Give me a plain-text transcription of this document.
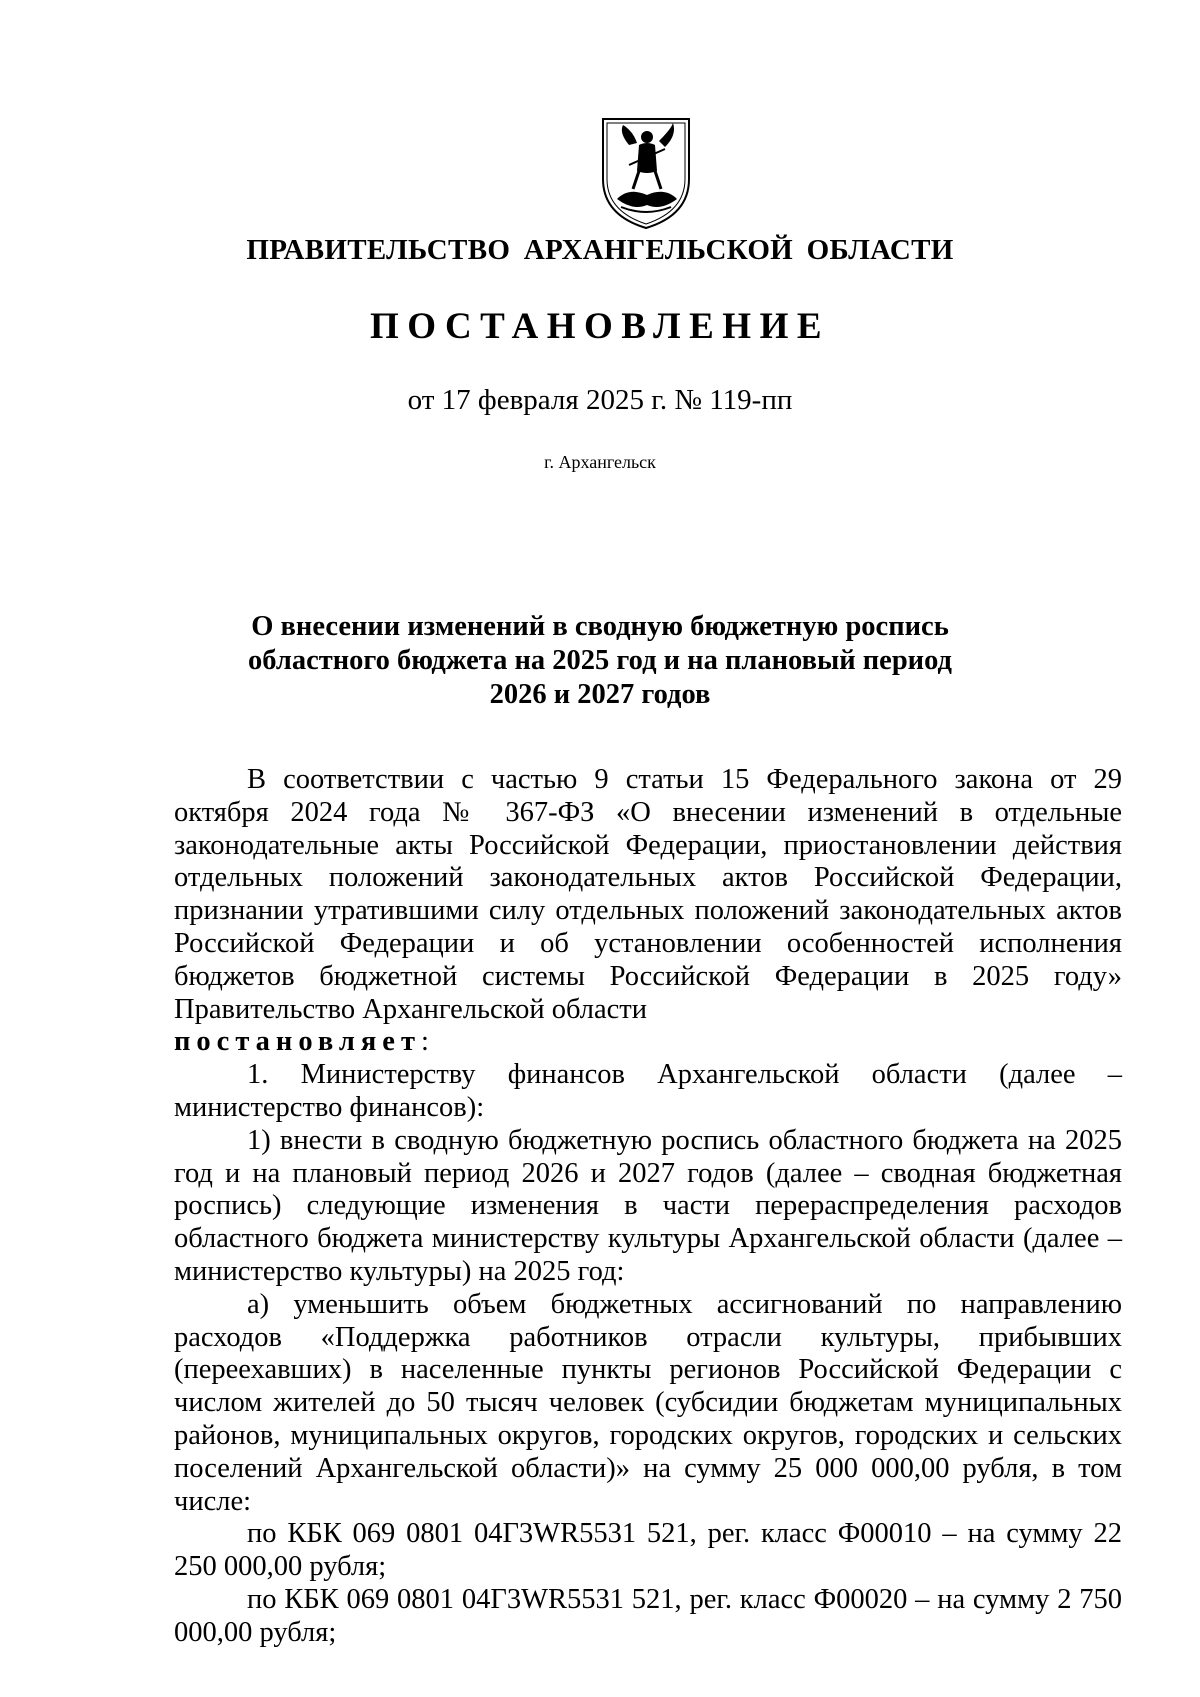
ПРАВИТЕЛЬСТВО АРХАНГЕЛЬСКОЙ ОБЛАСТИ
ПОСТАНОВЛЕНИЕ
от 17 февраля 2025 г. № 119-пп
г. Архангельск
О внесении изменений в сводную бюджетную роспись
областного бюджета на 2025 год и на плановый период
2026 и 2027 годов

В соответствии с частью 9 статьи 15 Федерального закона от 29 октября 2024 года № 367-ФЗ «О внесении изменений в отдельные законодательные акты Российской Федерации, приостановлении действия отдельных положений законодательных актов Российской Федерации, признании утратившими силу отдельных положений законодательных актов Российской Федерации и об установлении особенностей исполнения бюджетов бюджетной системы Российской Федерации в 2025 году» Правительство Архангельской области

постановляет:

1. Министерству финансов Архангельской области (далее – министерство финансов):

1) внести в сводную бюджетную роспись областного бюджета на 2025 год и на плановый период 2026 и 2027 годов (далее – сводная бюджетная роспись) следующие изменения в части перераспределения расходов областного бюджета министерству культуры Архангельской области (далее – министерство культуры) на 2025 год:

а) уменьшить объем бюджетных ассигнований по направлению расходов «Поддержка работников отрасли культуры, прибывших (переехавших) в населенные пункты регионов Российской Федерации с числом жителей до 50 тысяч человек (субсидии бюджетам муниципальных районов, муниципальных округов, городских округов, городских и сельских поселений Архангельской области)» на сумму 25 000 000,00 рубля, в том числе:

по КБК 069 0801 04Г3WR5531 521, рег. класс Ф00010 – на сумму 22 250 000,00 рубля;

по КБК 069 0801 04Г3WR5531 521, рег. класс Ф00020 – на сумму 2 750 000,00 рубля;
